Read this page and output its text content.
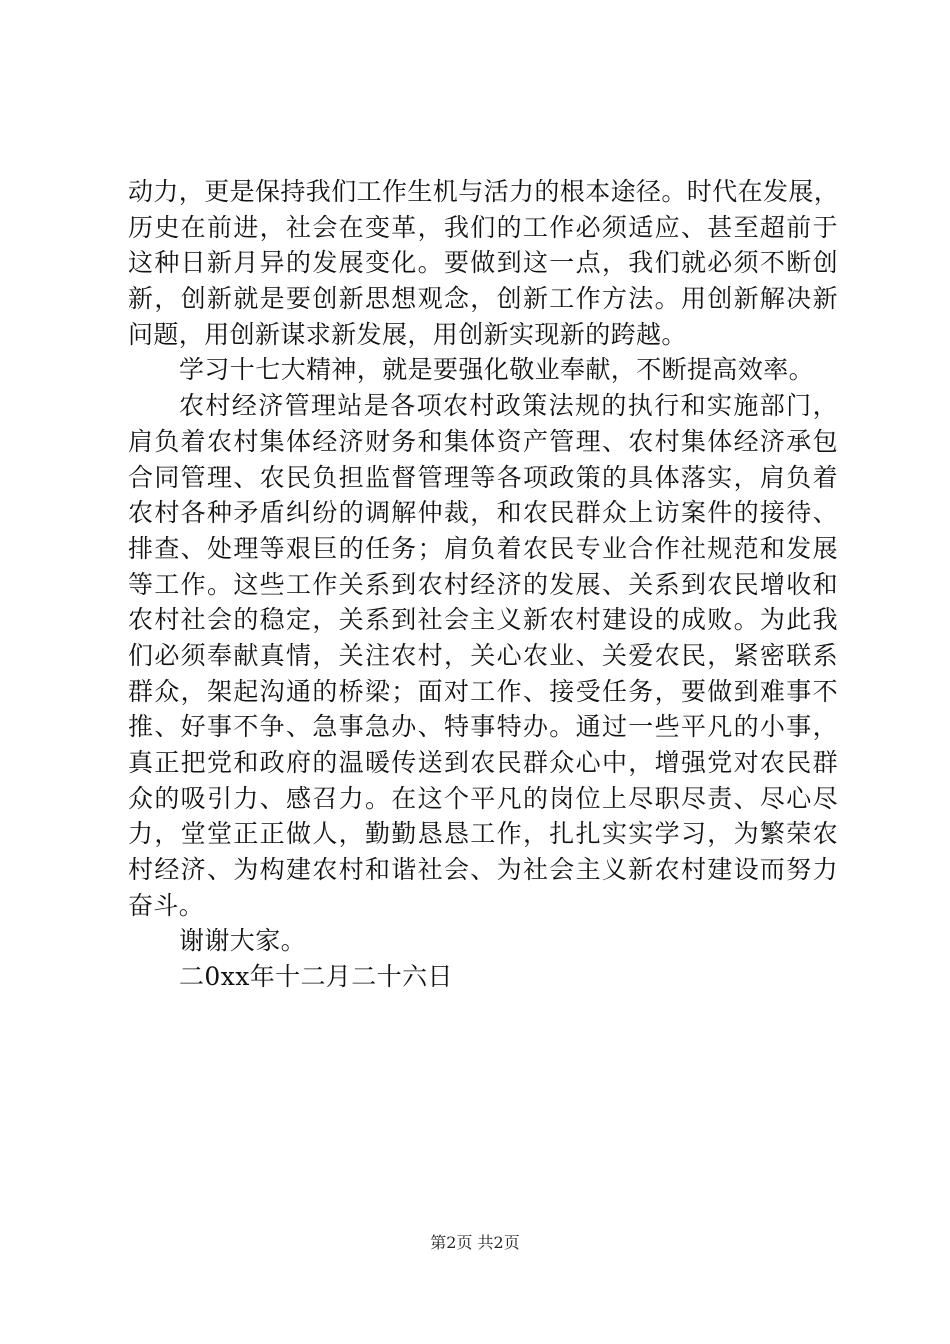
动力，更是保持我们工作生机与活力的根本途径。时代在发展，
历史在前进，社会在变革，我们的工作必须适应、甚至超前于
这种日新月异的发展变化。要做到这一点，我们就必须不断创
新，创新就是要创新思想观念，创新工作方法。用创新解决新
问题，用创新谋求新发展，用创新实现新的跨越。
学习十七大精神，就是要强化敬业奉献，不断提高效率。
农村经济管理站是各项农村政策法规的执行和实施部门，
肩负着农村集体经济财务和集体资产管理、农村集体经济承包
合同管理、农民负担监督管理等各项政策的具体落实，肩负着
农村各种矛盾纠纷的调解仲裁，和农民群众上访案件的接待、
排查、处理等艰巨的任务；肩负着农民专业合作社规范和发展
等工作。这些工作关系到农村经济的发展、关系到农民增收和
农村社会的稳定，关系到社会主义新农村建设的成败。为此我
们必须奉献真情，关注农村，关心农业、关爱农民，紧密联系
群众，架起沟通的桥梁；面对工作、接受任务，要做到难事不
推、好事不争、急事急办、特事特办。通过一些平凡的小事，
真正把党和政府的温暖传送到农民群众心中，增强党对农民群
众的吸引力、感召力。在这个平凡的岗位上尽职尽责、尽心尽
力，堂堂正正做人，勤勤恳恳工作，扎扎实实学习，为繁荣农
村经济、为构建农村和谐社会、为社会主义新农村建设而努力
奋斗。
谢谢大家。
二0xx年十二月二十六日
第2页 共2页
